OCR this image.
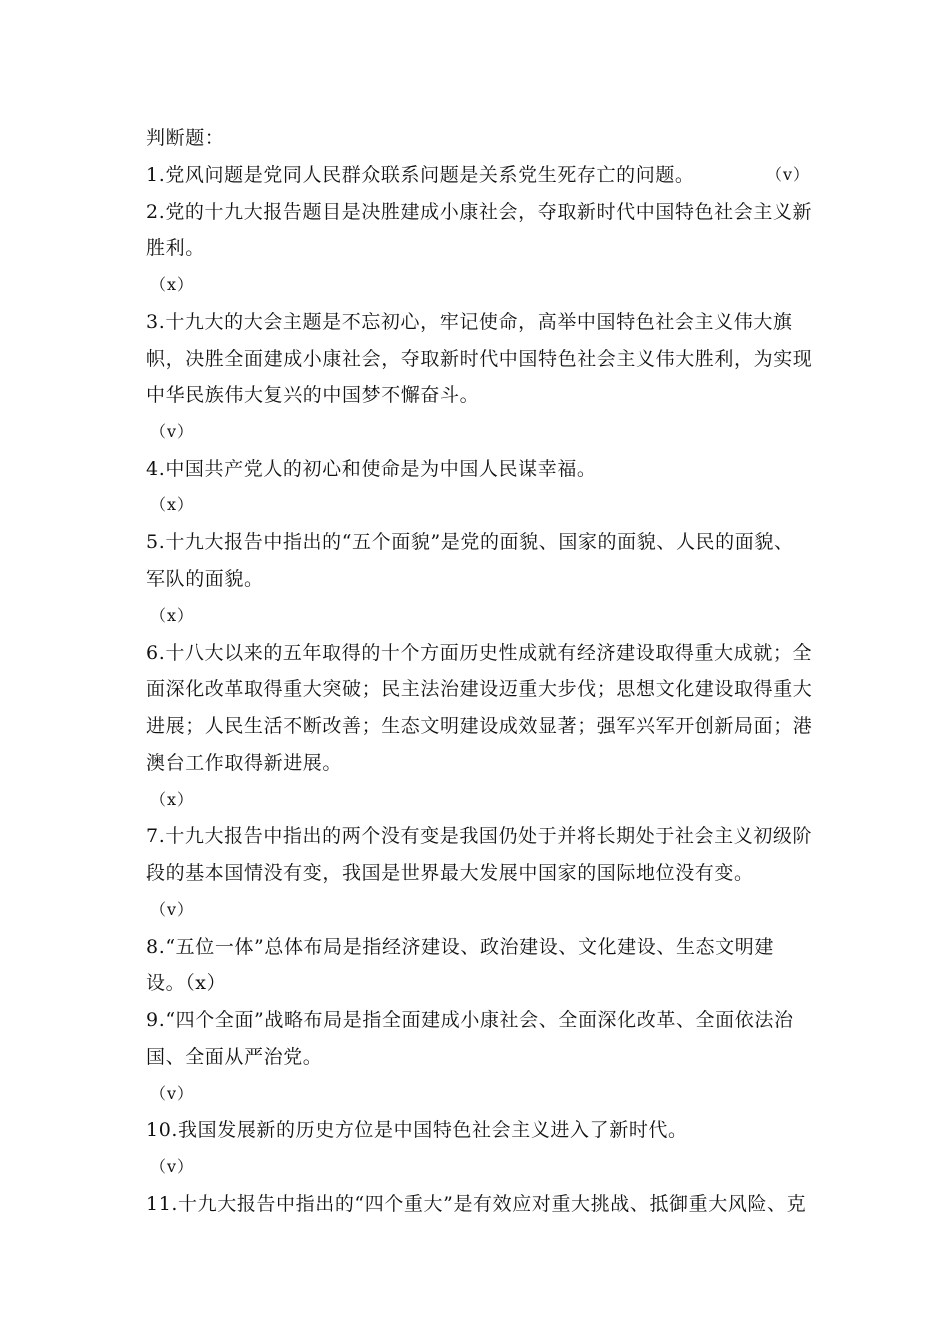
判断题：
1.党风问题是党同人民群众联系问题是关系党生死存亡的问题。	（v）
2.党的十九大报告题目是决胜建成小康社会，夺取新时代中国特色社会主义新
胜利。
（x）
3.十九大的大会主题是不忘初心，牢记使命，高举中国特色社会主义伟大旗
帜，决胜全面建成小康社会，夺取新时代中国特色社会主义伟大胜利，为实现
中华民族伟大复兴的中国梦不懈奋斗。
（v）
4.中国共产党人的初心和使命是为中国人民谋幸福。
（x）
5.十九大报告中指出的“五个面貌”是党的面貌、国家的面貌、人民的面貌、
军队的面貌。
（x）
6.十八大以来的五年取得的十个方面历史性成就有经济建设取得重大成就；全
面深化改革取得重大突破；民主法治建设迈重大步伐；思想文化建设取得重大
进展；人民生活不断改善；生态文明建设成效显著；强军兴军开创新局面；港
澳台工作取得新进展。
（x）
7.十九大报告中指出的两个没有变是我国仍处于并将长期处于社会主义初级阶
段的基本国情没有变，我国是世界最大发展中国家的国际地位没有变。
（v）
8.“五位一体”总体布局是指经济建设、政治建设、文化建设、生态文明建
设。（x）
9.“四个全面”战略布局是指全面建成小康社会、全面深化改革、全面依法治
国、全面从严治党。
（v）
10.我国发展新的历史方位是中国特色社会主义进入了新时代。
（v）
11.十九大报告中指出的“四个重大”是有效应对重大挑战、抵御重大风险、克
